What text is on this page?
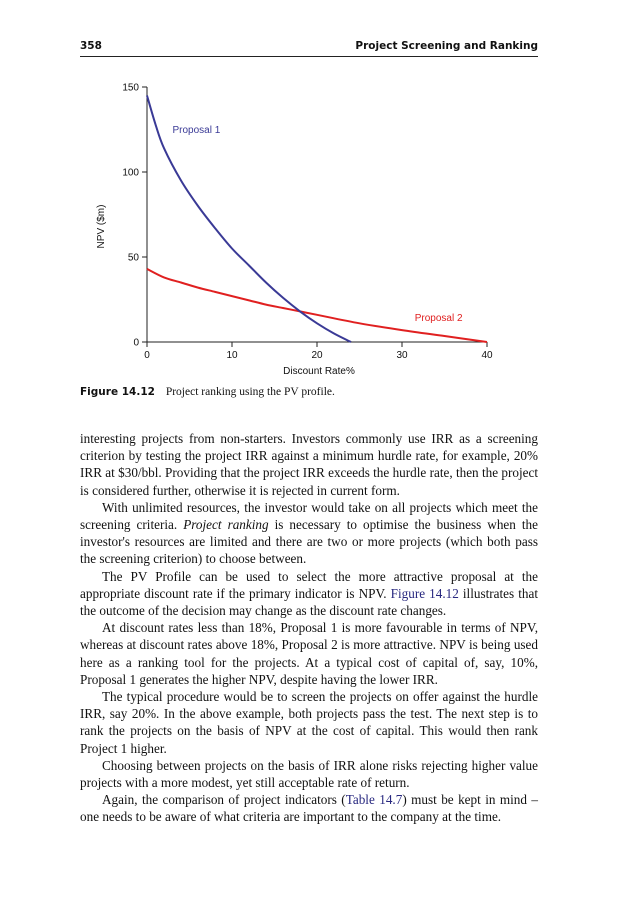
358	Project Screening and Ranking
0	10	20	30	40
0
50
100
150
Discount Rate%
NPV ($m)
Proposal 1
Proposal 2
Figure 14.12 Project ranking using the PV profile.

interesting projects from non-starters. Investors commonly use IRR as a screening criterion by testing the project IRR against a minimum hurdle rate, for example, 20% IRR at $30/bbl. Providing that the project IRR exceeds the hurdle rate, then the project is considered further, otherwise it is rejected in current form.

With unlimited resources, the investor would take on all projects which meet the screening criteria. Project ranking is necessary to optimise the business when the investor's resources are limited and there are two or more projects (which both pass the screening criterion) to choose between.

The PV Profile can be used to select the more attractive proposal at the appropriate discount rate if the primary indicator is NPV. Figure 14.12 illustrates that the outcome of the decision may change as the discount rate changes.

At discount rates less than 18%, Proposal 1 is more favourable in terms of NPV, whereas at discount rates above 18%, Proposal 2 is more attractive. NPV is being used here as a ranking tool for the projects. At a typical cost of capital of, say, 10%, Proposal 1 generates the higher NPV, despite having the lower IRR.

The typical procedure would be to screen the projects on offer against the hurdle IRR, say 20%. In the above example, both projects pass the test. The next step is to rank the projects on the basis of NPV at the cost of capital. This would then rank Project 1 higher.

Choosing between projects on the basis of IRR alone risks rejecting higher value projects with a more modest, yet still acceptable rate of return.

Again, the comparison of project indicators (Table 14.7) must be kept in mind – one needs to be aware of what criteria are important to the company at the time.
